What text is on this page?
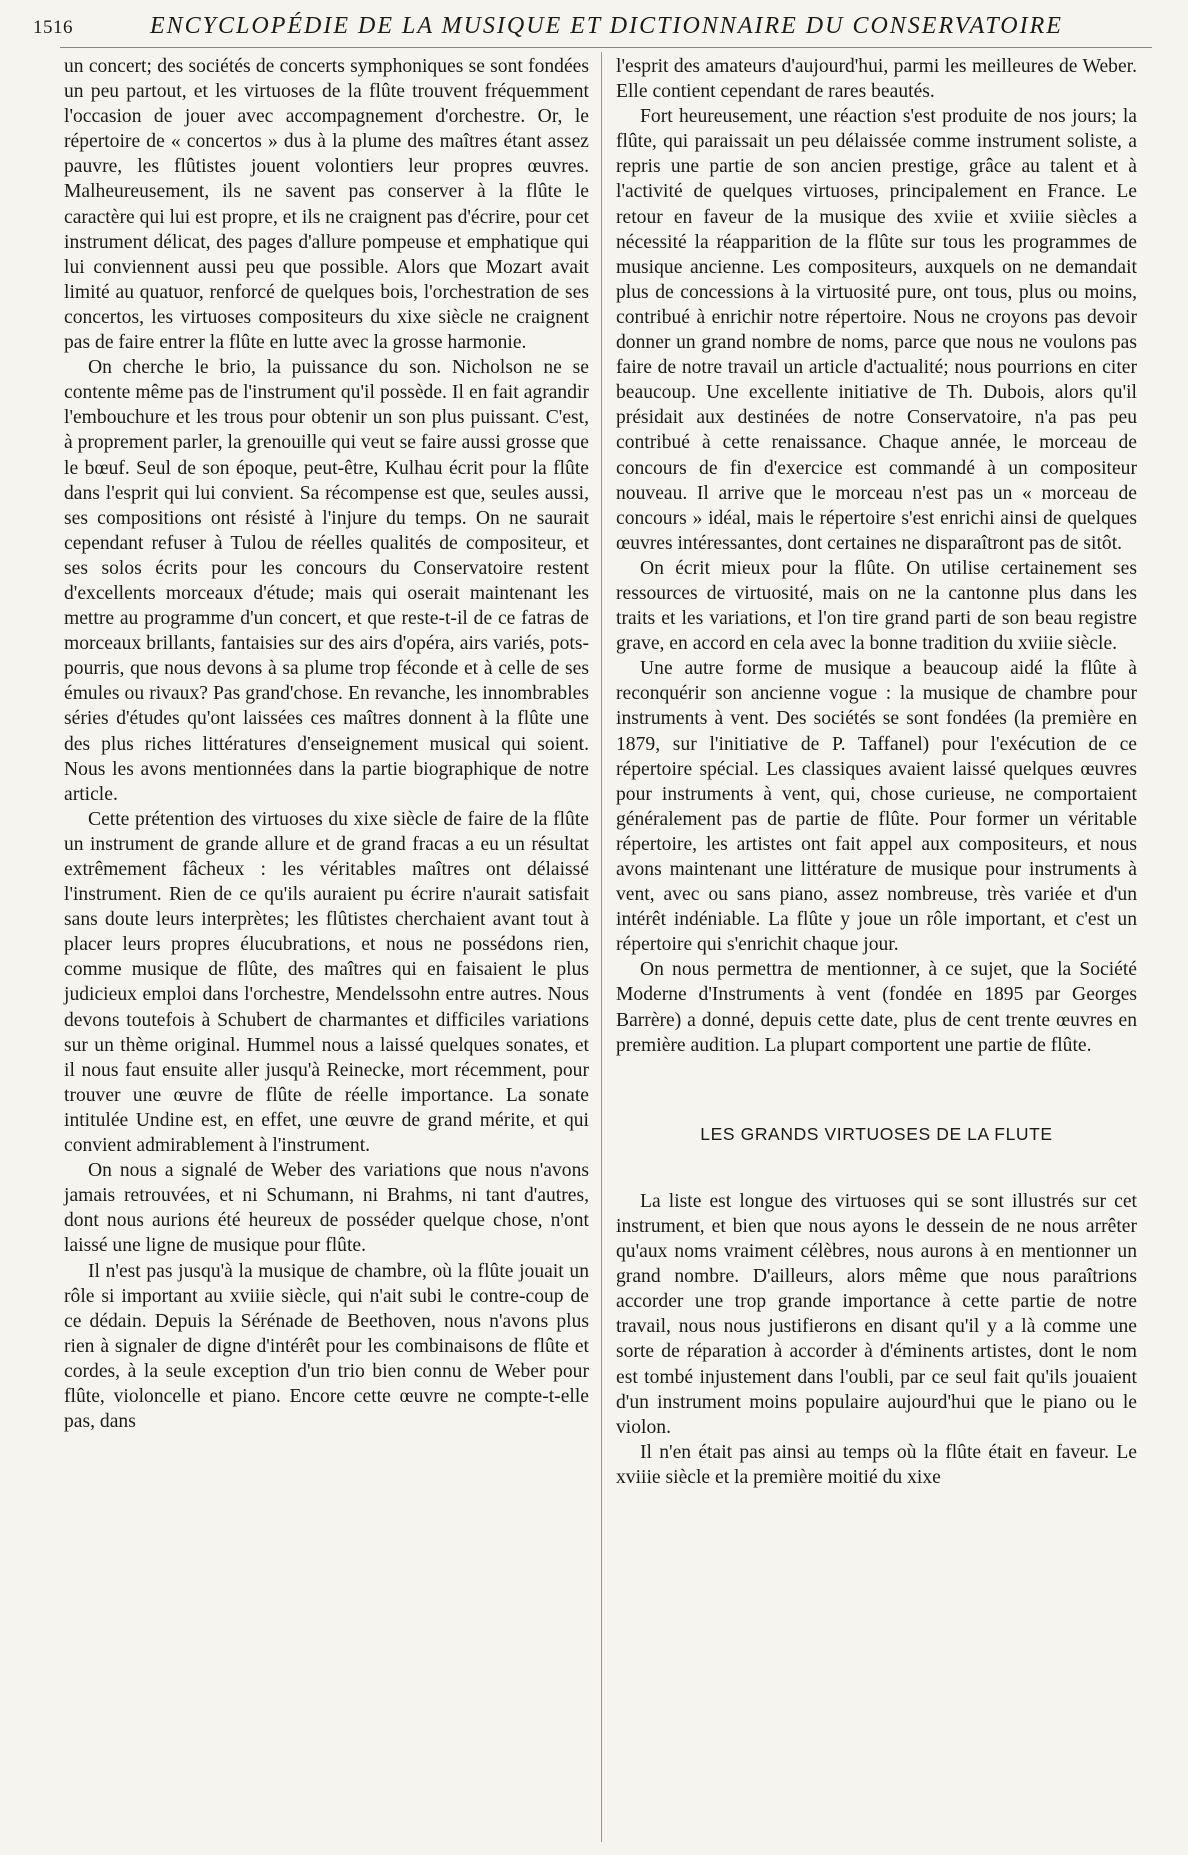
1516	ENCYCLOPÉDIE DE LA MUSIQUE ET DICTIONNAIRE DU CONSERVATOIRE

un concert; des sociétés de concerts symphoniques se sont fondées un peu partout, et les virtuoses de la flûte trouvent fréquemment l'occasion de jouer avec accompagnement d'orchestre. Or, le répertoire de « concertos » dus à la plume des maîtres étant assez pauvre, les flûtistes jouent volontiers leur propres œuvres. Malheureusement, ils ne savent pas conserver à la flûte le caractère qui lui est propre, et ils ne craignent pas d'écrire, pour cet instrument délicat, des pages d'allure pompeuse et emphatique qui lui conviennent aussi peu que possible. Alors que Mozart avait limité au quatuor, renforcé de quelques bois, l'orchestration de ses concertos, les virtuoses compositeurs du xixe siècle ne craignent pas de faire entrer la flûte en lutte avec la grosse harmonie.

On cherche le brio, la puissance du son. Nicholson ne se contente même pas de l'instrument qu'il possède. Il en fait agrandir l'embouchure et les trous pour obtenir un son plus puissant. C'est, à proprement parler, la grenouille qui veut se faire aussi grosse que le bœuf. Seul de son époque, peut-être, Kulhau écrit pour la flûte dans l'esprit qui lui convient. Sa récompense est que, seules aussi, ses compositions ont résisté à l'injure du temps. On ne saurait cependant refuser à Tulou de réelles qualités de compositeur, et ses solos écrits pour les concours du Conservatoire restent d'excellents morceaux d'étude; mais qui oserait maintenant les mettre au programme d'un concert, et que reste-t-il de ce fatras de morceaux brillants, fantaisies sur des airs d'opéra, airs variés, pots-pourris, que nous devons à sa plume trop féconde et à celle de ses émules ou rivaux? Pas grand'chose. En revanche, les innombrables séries d'études qu'ont laissées ces maîtres donnent à la flûte une des plus riches littératures d'enseignement musical qui soient. Nous les avons mentionnées dans la partie biographique de notre article.

Cette prétention des virtuoses du xixe siècle de faire de la flûte un instrument de grande allure et de grand fracas a eu un résultat extrêmement fâcheux : les véritables maîtres ont délaissé l'instrument. Rien de ce qu'ils auraient pu écrire n'aurait satisfait sans doute leurs interprètes; les flûtistes cherchaient avant tout à placer leurs propres élucubrations, et nous ne possédons rien, comme musique de flûte, des maîtres qui en faisaient le plus judicieux emploi dans l'orchestre, Mendelssohn entre autres. Nous devons toutefois à Schubert de charmantes et difficiles variations sur un thème original. Hummel nous a laissé quelques sonates, et il nous faut ensuite aller jusqu'à Reinecke, mort récemment, pour trouver une œuvre de flûte de réelle importance. La sonate intitulée Undine est, en effet, une œuvre de grand mérite, et qui convient admirablement à l'instrument.

On nous a signalé de Weber des variations que nous n'avons jamais retrouvées, et ni Schumann, ni Brahms, ni tant d'autres, dont nous aurions été heureux de posséder quelque chose, n'ont laissé une ligne de musique pour flûte.

Il n'est pas jusqu'à la musique de chambre, où la flûte jouait un rôle si important au xviiie siècle, qui n'ait subi le contre-coup de ce dédain. Depuis la Sérénade de Beethoven, nous n'avons plus rien à signaler de digne d'intérêt pour les combinaisons de flûte et cordes, à la seule exception d'un trio bien connu de Weber pour flûte, violoncelle et piano. Encore cette œuvre ne compte-t-elle pas, dans

l'esprit des amateurs d'aujourd'hui, parmi les meilleures de Weber. Elle contient cependant de rares beautés.

Fort heureusement, une réaction s'est produite de nos jours; la flûte, qui paraissait un peu délaissée comme instrument soliste, a repris une partie de son ancien prestige, grâce au talent et à l'activité de quelques virtuoses, principalement en France. Le retour en faveur de la musique des xviie et xviiie siècles a nécessité la réapparition de la flûte sur tous les programmes de musique ancienne. Les compositeurs, auxquels on ne demandait plus de concessions à la virtuosité pure, ont tous, plus ou moins, contribué à enrichir notre répertoire. Nous ne croyons pas devoir donner un grand nombre de noms, parce que nous ne voulons pas faire de notre travail un article d'actualité; nous pourrions en citer beaucoup. Une excellente initiative de Th. Dubois, alors qu'il présidait aux destinées de notre Conservatoire, n'a pas peu contribué à cette renaissance. Chaque année, le morceau de concours de fin d'exercice est commandé à un compositeur nouveau. Il arrive que le morceau n'est pas un « morceau de concours » idéal, mais le répertoire s'est enrichi ainsi de quelques œuvres intéressantes, dont certaines ne disparaîtront pas de sitôt.

On écrit mieux pour la flûte. On utilise certainement ses ressources de virtuosité, mais on ne la cantonne plus dans les traits et les variations, et l'on tire grand parti de son beau registre grave, en accord en cela avec la bonne tradition du xviiie siècle.

Une autre forme de musique a beaucoup aidé la flûte à reconquérir son ancienne vogue : la musique de chambre pour instruments à vent. Des sociétés se sont fondées (la première en 1879, sur l'initiative de P. Taffanel) pour l'exécution de ce répertoire spécial. Les classiques avaient laissé quelques œuvres pour instruments à vent, qui, chose curieuse, ne comportaient généralement pas de partie de flûte. Pour former un véritable répertoire, les artistes ont fait appel aux compositeurs, et nous avons maintenant une littérature de musique pour instruments à vent, avec ou sans piano, assez nombreuse, très variée et d'un intérêt indéniable. La flûte y joue un rôle important, et c'est un répertoire qui s'enrichit chaque jour.

On nous permettra de mentionner, à ce sujet, que la Société Moderne d'Instruments à vent (fondée en 1895 par Georges Barrère) a donné, depuis cette date, plus de cent trente œuvres en première audition. La plupart comportent une partie de flûte.

LES GRANDS VIRTUOSES DE LA FLUTE

La liste est longue des virtuoses qui se sont illustrés sur cet instrument, et bien que nous ayons le dessein de ne nous arrêter qu'aux noms vraiment célèbres, nous aurons à en mentionner un grand nombre. D'ailleurs, alors même que nous paraîtrions accorder une trop grande importance à cette partie de notre travail, nous nous justifierons en disant qu'il y a là comme une sorte de réparation à accorder à d'éminents artistes, dont le nom est tombé injustement dans l'oubli, par ce seul fait qu'ils jouaient d'un instrument moins populaire aujourd'hui que le piano ou le violon.

Il n'en était pas ainsi au temps où la flûte était en faveur. Le xviiie siècle et la première moitié du xixe
